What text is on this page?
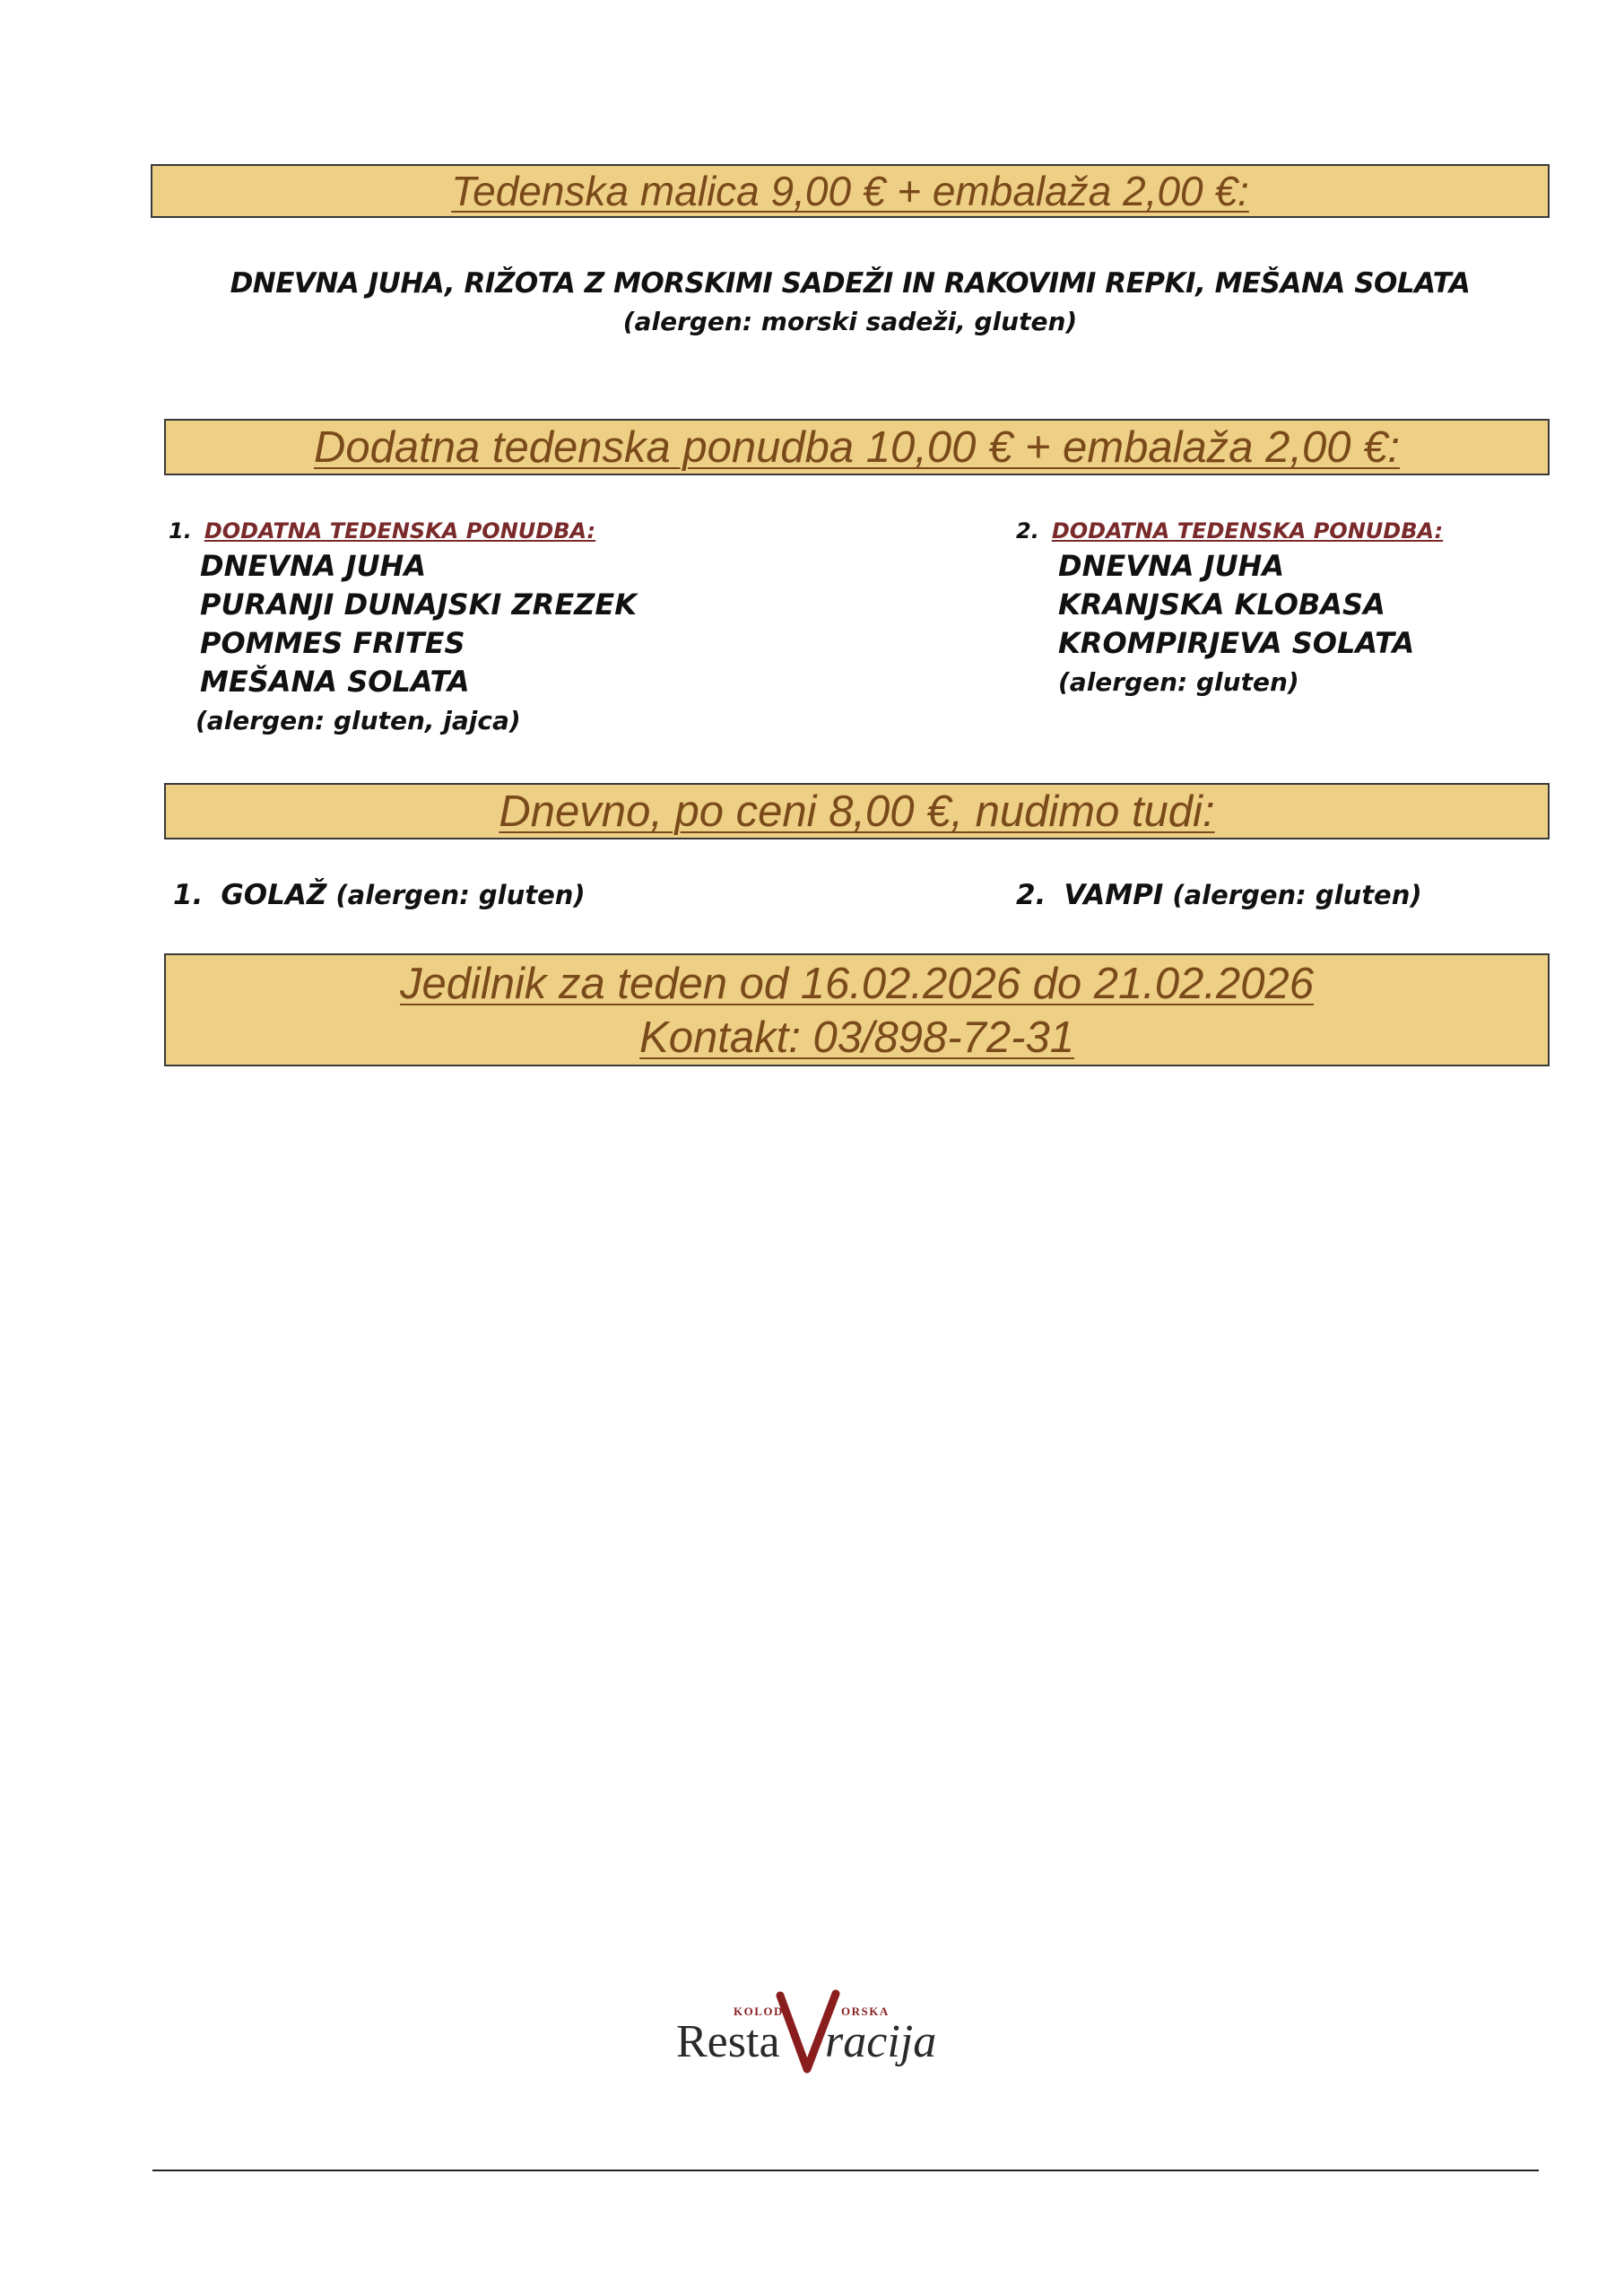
Tedenska malica 9,00 € + embalaža 2,00 €:
DNEVNA JUHA, RIŽOTA Z MORSKIMI SADEŽI IN RAKOVIMI REPKI, MEŠANA SOLATA
(alergen: morski sadeži, gluten)
Dodatna tedenska ponudba 10,00 € + embalaža 2,00 €:
1. DODATNA TEDENSKA PONUDBA:
DNEVNA JUHA
PURANJI DUNAJSKI ZREZEK
POMMES FRITES
MEŠANA SOLATA
(alergen: gluten, jajca)
2. DODATNA TEDENSKA PONUDBA:
DNEVNA JUHA
KRANJSKA KLOBASA
KROMPIRJEVA SOLATA
(alergen: gluten)
Dnevno, po ceni 8,00 €, nudimo tudi:
1. GOLAŽ (alergen: gluten)	2. VAMPI (alergen: gluten)
Jedilnik za teden od 16.02.2026 do 21.02.2026
Kontakt: 03/898-72-31
KOLOD	ORSKA
Resta racija
